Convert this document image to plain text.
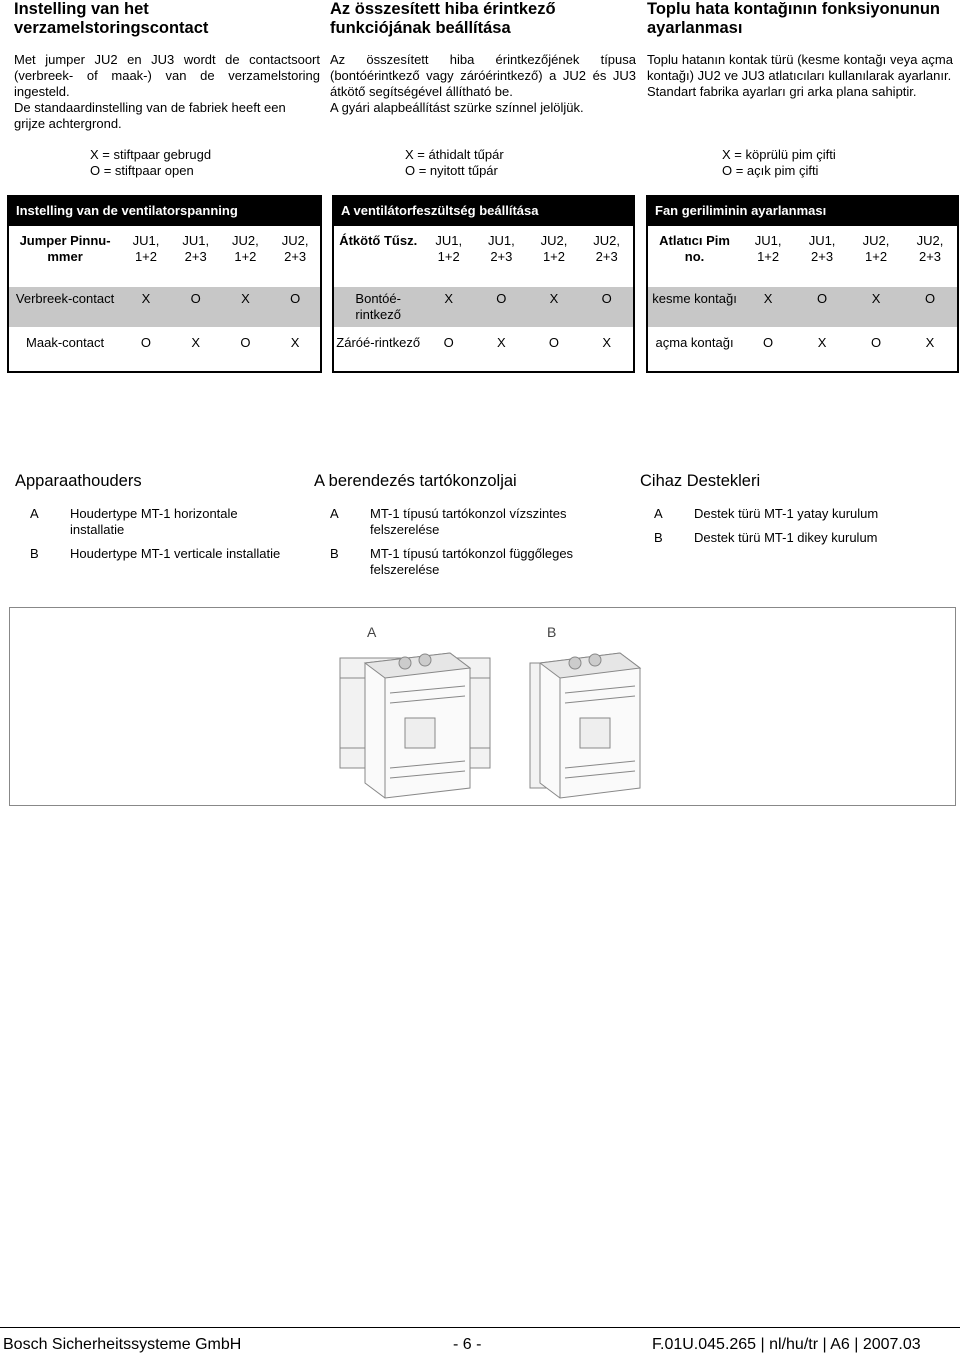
Instelling van het verzamelstoringscontact

Met jumper JU2 en JU3 wordt de contactsoort (verbreek- of maak-) van de verzamelstoring ingesteld.

De standaardinstelling van de fabriek heeft een grijze achtergrond.

Az összesített hiba érintkező funkciójának beállítása

Az összesített hiba érintkezőjének típusa (bontóérintkező vagy záróérintkező) a JU2 és JU3 átkötő segítségével állítható be.

A gyári alapbeállítást szürke színnel jelöljük.

Toplu hata kontağının fonksiyonunun ayarlanması

Toplu hatanın kontak türü (kesme kontağı veya açma kontağı) JU2 ve JU3 atlatıcıları kullanılarak ayarlanır.

Standart fabrika ayarları gri arka plana sahiptir.

X = stiftpaar gebrugd
O = stiftpaar open
X = áthidalt tűpár
O = nyitott tűpár
X = köprülü pim çifti
O = açık pim çifti
Instelling van de ventilatorspanning				
Jumper Pinnu-mmer	JU1, 1+2	JU1, 2+3	JU2, 1+2	JU2, 2+3
Verbreek-contact	X	O	X	O
Maak-contact	O	X	O	X
A ventilátorfeszültség beállítása				
Átkötő Tűsz.	JU1, 1+2	JU1, 2+3	JU2, 1+2	JU2, 2+3
Bontóé-rintkező	X	O	X	O
Záróé-rintkező	O	X	O	X
Fan geriliminin ayarlanması				
Atlatıcı Pim no.	JU1, 1+2	JU1, 2+3	JU2, 1+2	JU2, 2+3
kesme kontağı	X	O	X	O
açma kontağı	O	X	O	X
Apparaathouders	A berendezés tartókonzoljai	Cihaz Destekleri
A	Houdertype MT-1 horizontale installatie
B	Houdertype MT-1 verticale installatie
A	MT-1 típusú tartókonzol vízszintes felszerelése
B	MT-1 típusú tartókonzol függőleges felszerelése
A	Destek türü MT-1 yatay kurulum
B	Destek türü MT-1 dikey kurulum
A	B
Bosch Sicherheitssysteme GmbH	- 6 -	F.01U.045.265 | nl/hu/tr | A6 | 2007.03
